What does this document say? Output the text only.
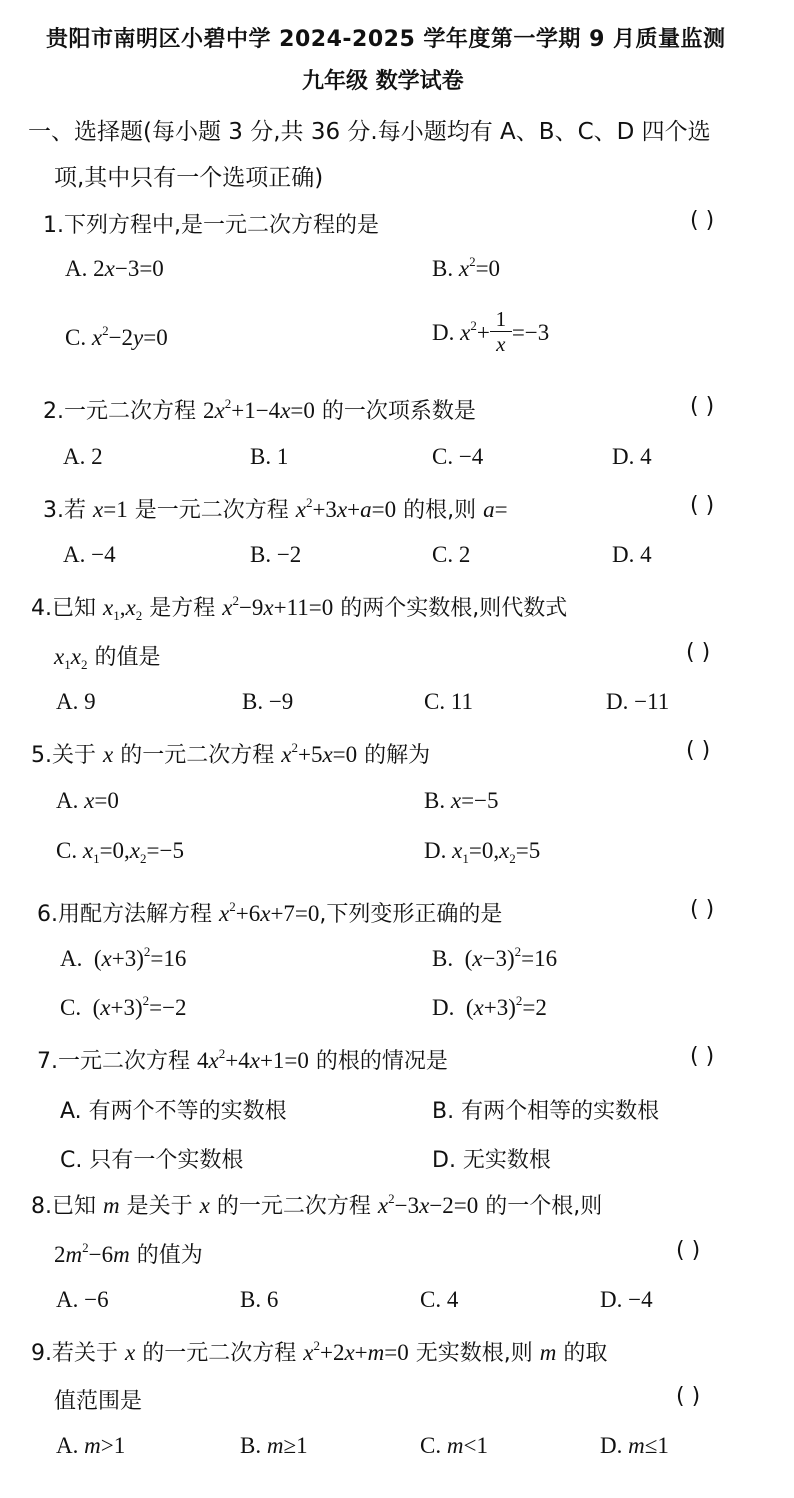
贵阳市南明区小碧中学 2024-2025 学年度第一学期 9 月质量监测
九年级 数学试卷
一、选择题(每小题 3 分,共 36 分.每小题均有 A、B、C、D 四个选
项,其中只有一个选项正确)
1.下列方程中,是一元二次方程的是	( )
A. 2x−3=0	B. $x^2=0$
C. $x^2-2y=0$	D. $x^2+ \frac{1}{x} =-3$
2.一元二次方程 $2x^2+1-4x=0$ 的一次项系数是	( )
A. 2	B. 1	C. −4	D. 4
3.若 x=1 是一元二次方程 $x^2+3x+a=0$ 的根,则 a=	( )
A. −4	B. −2	C. 2	D. 4
4.已知 $x_1,x_2$ 是方程 $x^2-9x+11=0$ 的两个实数根,则代数式
$x_1x_2$ 的值是	( )
A. 9	B. −9	C. 11	D. −11
5.关于 x 的一元二次方程 $x^2+5x=0$ 的解为	( )
A. x=0	B. x=−5
C. $x_1=0,x_2=-5$	D. $x_1=0,x_2=5$
6.用配方法解方程 $x^2+6x+7=0$,下列变形正确的是	( )
A.  $(x+3)^2=16$	B.  $(x-3)^2=16$
C.  $(x+3)^2=-2$	D.  $(x+3)^2=2$
7.一元二次方程 $4x^2+4x+1=0$ 的根的情况是	( )
A. 有两个不等的实数根	B. 有两个相等的实数根
C. 只有一个实数根	D. 无实数根
8.已知 m 是关于 x 的一元二次方程 $x^2-3x-2=0$ 的一个根,则
$2m^2-6m$ 的值为	( )
A. −6	B. 6	C. 4	D. −4
9.若关于 x 的一元二次方程 $x^2+2x+m=0$ 无实数根,则 m 的取
值范围是	( )
A. m>1	B. m≥1	C. m<1	D. m≤1
